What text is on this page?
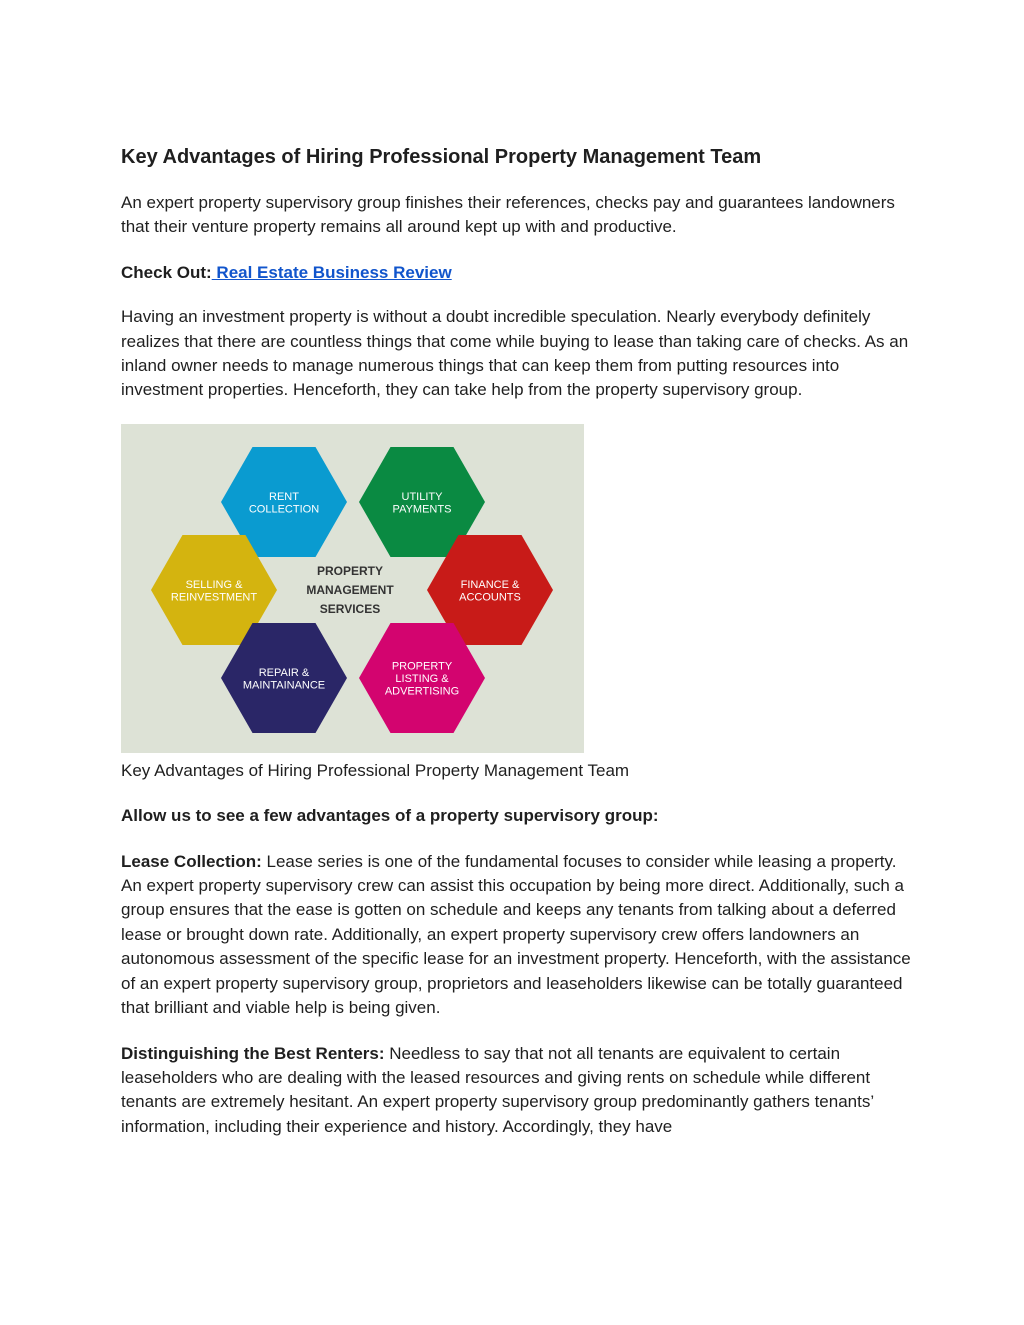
Key Advantages of Hiring Professional Property Management Team

An expert property supervisory group finishes their references, checks pay and guarantees landowners that their venture property remains all around kept up with and productive.

Check Out: Real Estate Business Review

Having an investment property is without a doubt incredible speculation. Nearly everybody definitely realizes that there are countless things that come while buying to lease than taking care of checks. As an inland owner needs to manage numerous things that can keep them from putting resources into investment properties. Henceforth, they can take help from the property supervisory group.

RENT
COLLECTION
UTILITY
PAYMENTS
SELLING &
REINVESTMENT
FINANCE &
ACCOUNTS
REPAIR &
MAINTAINANCE
PROPERTY
LISTING &
ADVERTISING
PROPERTY
MANAGEMENT
SERVICES

Key Advantages of Hiring Professional Property Management Team

Allow us to see a few advantages of a property supervisory group:

Lease Collection: Lease series is one of the fundamental focuses to consider while leasing a property. An expert property supervisory crew can assist this occupation by being more direct. Additionally, such a group ensures that the ease is gotten on schedule and keeps any tenants from talking about a deferred lease or brought down rate. Additionally, an expert property supervisory crew offers landowners an autonomous assessment of the specific lease for an investment property. Henceforth, with the assistance of an expert property supervisory group, proprietors and leaseholders likewise can be totally guaranteed that brilliant and viable help is being given.

Distinguishing the Best Renters: Needless to say that not all tenants are equivalent to certain leaseholders who are dealing with the leased resources and giving rents on schedule while different tenants are extremely hesitant. An expert property supervisory group predominantly gathers tenants’ information, including their experience and history. Accordingly, they have
